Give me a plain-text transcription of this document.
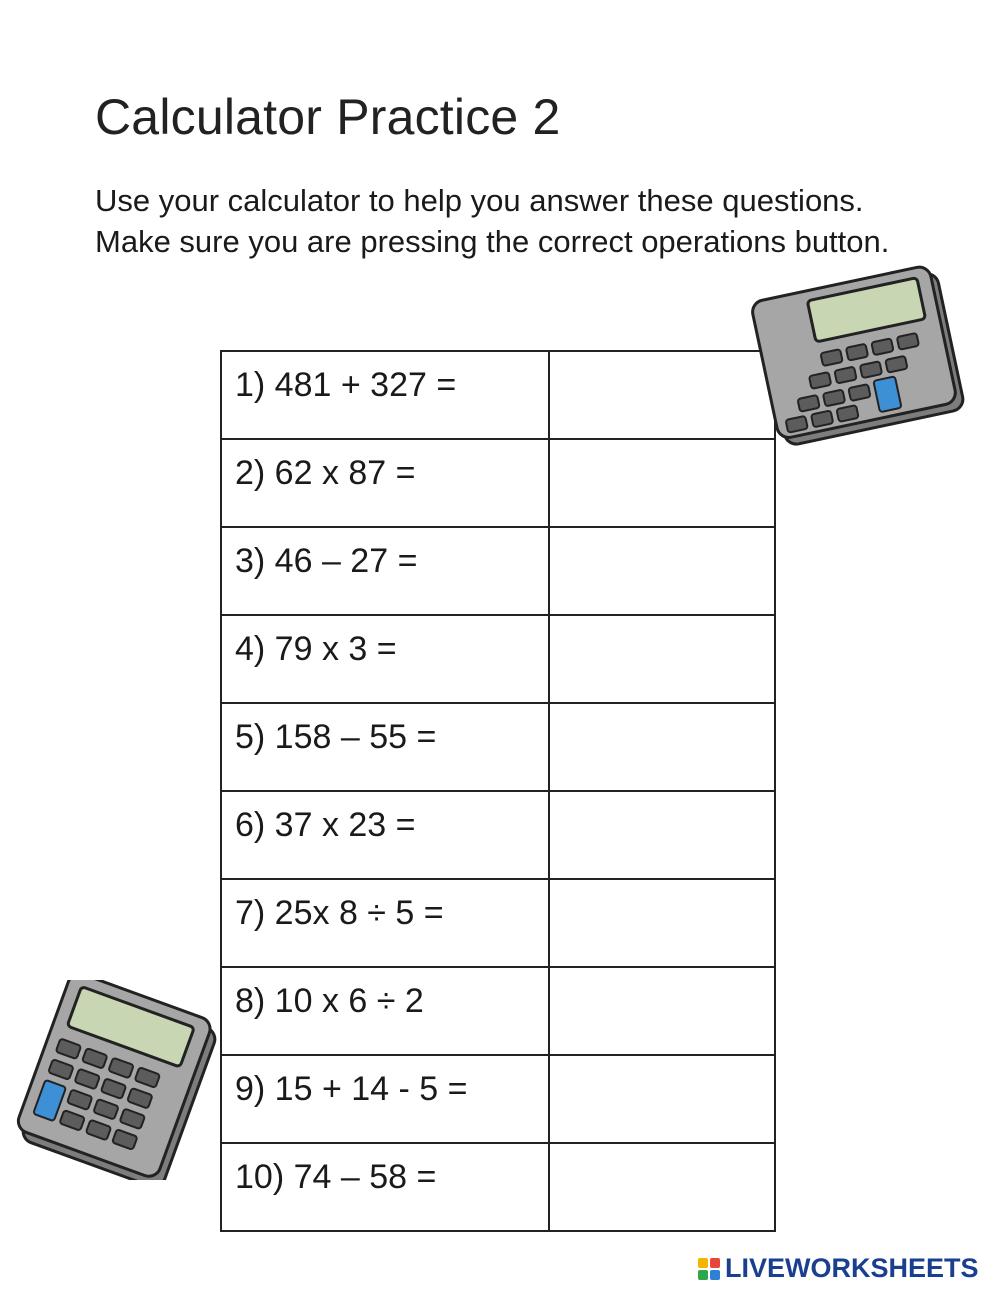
Calculator Practice 2

Use your calculator to help you answer these questions. Make sure you are pressing the correct operations button.

1) 481 + 327 =	
2) 62 x 87 =	
3) 46 – 27 =	
4) 79 x 3 =	
5) 158 – 55 =	
6) 37 x 23 =	
7) 25x 8 ÷ 5 =	
8) 10 x 6 ÷ 2	
9) 15 + 14 - 5 =	
10) 74 – 58 =	
LIVEWORKSHEETS
